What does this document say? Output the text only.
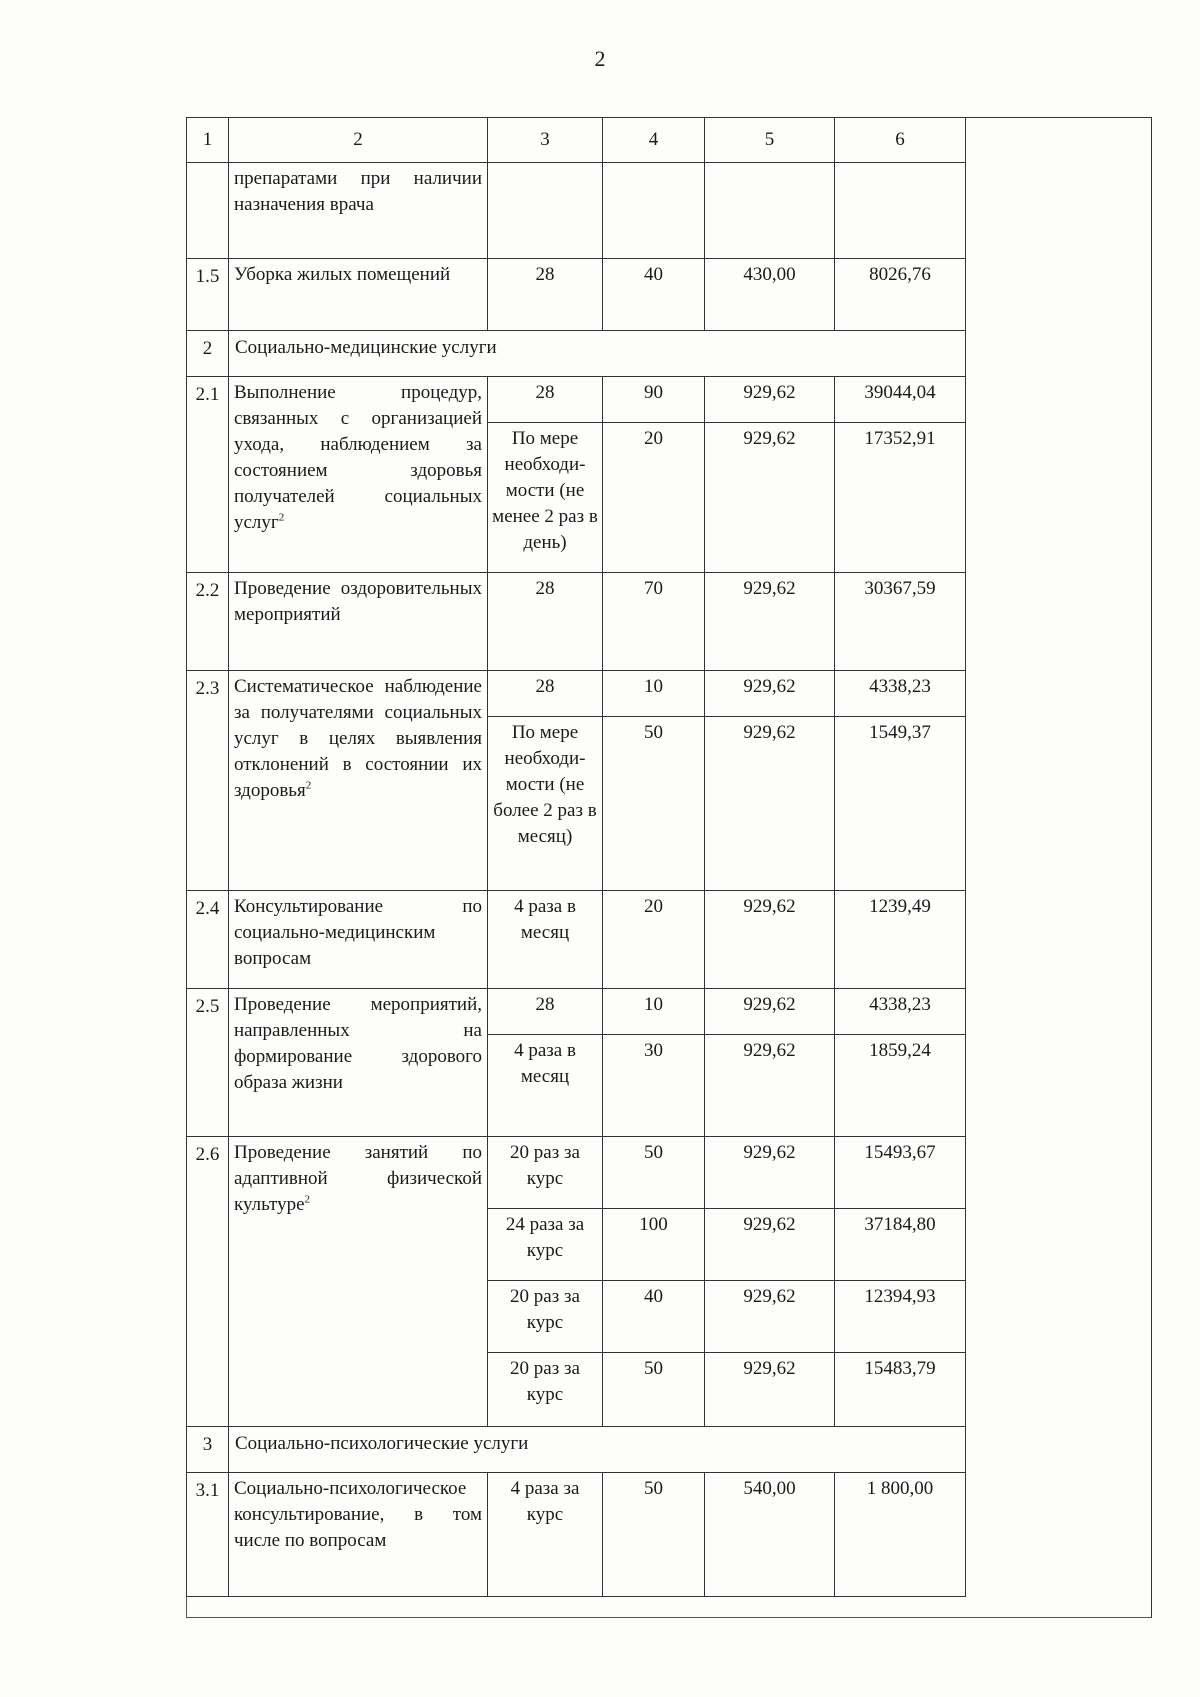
2
1	2	3	4	5	6
	препаратами при наличии назначения врача				
1.5	Уборка жилых помещений	28	40	430,00	8026,76
2	Социально-медицинские услуги				
2.1	Выполнение процедур, связанных с организацией ухода, наблюдением за состоянием здоровья получателей социальных услуг$^2$	28	90	929,62	39044,04
		По мере необходи-мости (не менее 2 раз в день)	20	929,62	17352,91
2.2	Проведение оздоровительных мероприятий	28	70	929,62	30367,59
2.3	Систематическое наблюдение за получателями социальных услуг в целях выявления отклонений в состоянии их здоровья$^2$	28	10	929,62	4338,23
		По мере необходи-мости (не более 2 раз в месяц)	50	929,62	1549,37
2.4	Консультирование по социально-медицинским вопросам	4 раза в месяц	20	929,62	1239,49
2.5	Проведение мероприятий, направленных на формирование здорового образа жизни	28	10	929,62	4338,23
		4 раза в месяц	30	929,62	1859,24
2.6	Проведение занятий по адаптивной физической культуре$^2$	20 раз за курс	50	929,62	15493,67
		24 раза за курс	100	929,62	37184,80
		20 раз за курс	40	929,62	12394,93
		20 раз за курс	50	929,62	15483,79
3	Социально-психологические услуги				
3.1	Социально-психологическое консультирование, в том числе по вопросам	4 раза за курс	50	540,00	1 800,00
